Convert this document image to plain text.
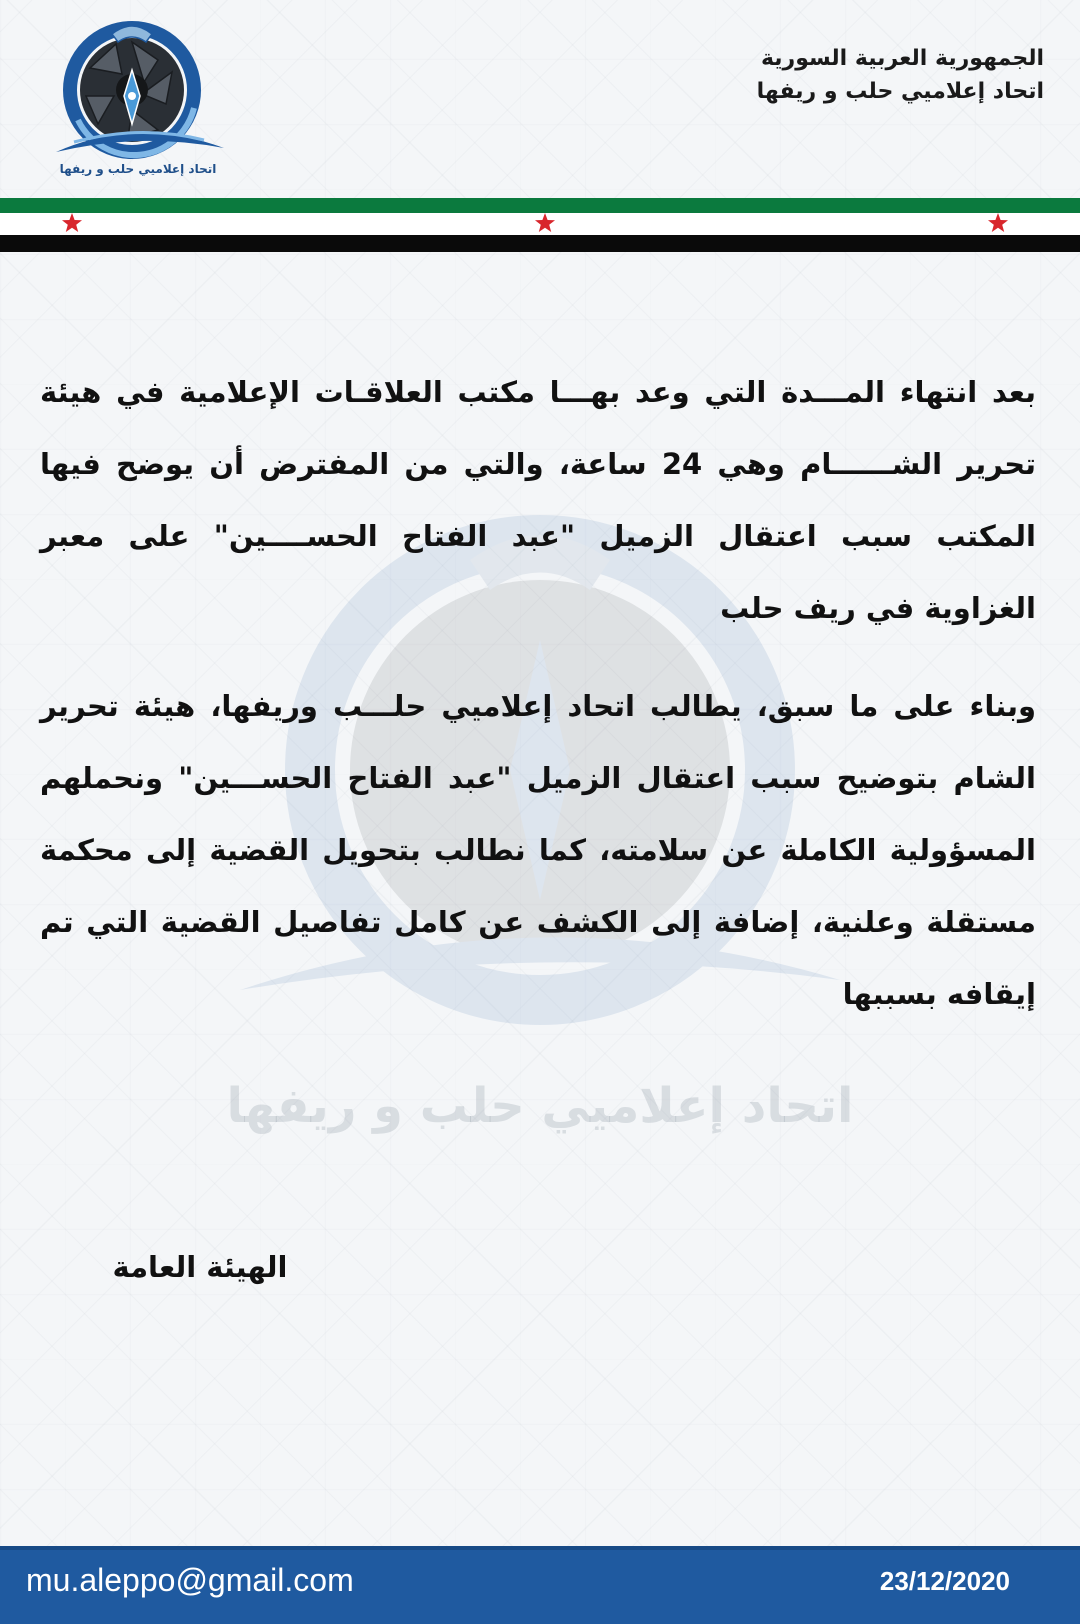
اتحاد إعلاميي حلب و ريفها
الجمهورية العربية السورية
اتحاد إعلاميي حلب و ريفها
اتحاد إعلاميي حلب و ريفها

بعد انتهاء المـــدة التي وعد بهـــا مكتب العلاقـات الإعلامية في هيئة تحرير الشــــــام وهي 24 ساعة، والتي من المفترض أن يوضح فيها المكتب سبب اعتقال الزميل "عبد الفتاح الحســــين" على معبر الغزاوية في ريف حلب

وبناء على ما سبق، يطالب اتحاد إعلاميي حلـــب وريفها، هيئة تحرير الشام بتوضيح سبب اعتقال الزميل "عبد الفتاح الحســـين" ونحملهم المسؤولية الكاملة عن سلامته، كما نطالب بتحويل القضية إلى محكمة مستقلة وعلنية، إضافة إلى الكشف عن كامل تفاصيل القضية التي تم إيقافه بسببها

الهيئة العامة
mu.aleppo@gmail.com	23/12/2020
